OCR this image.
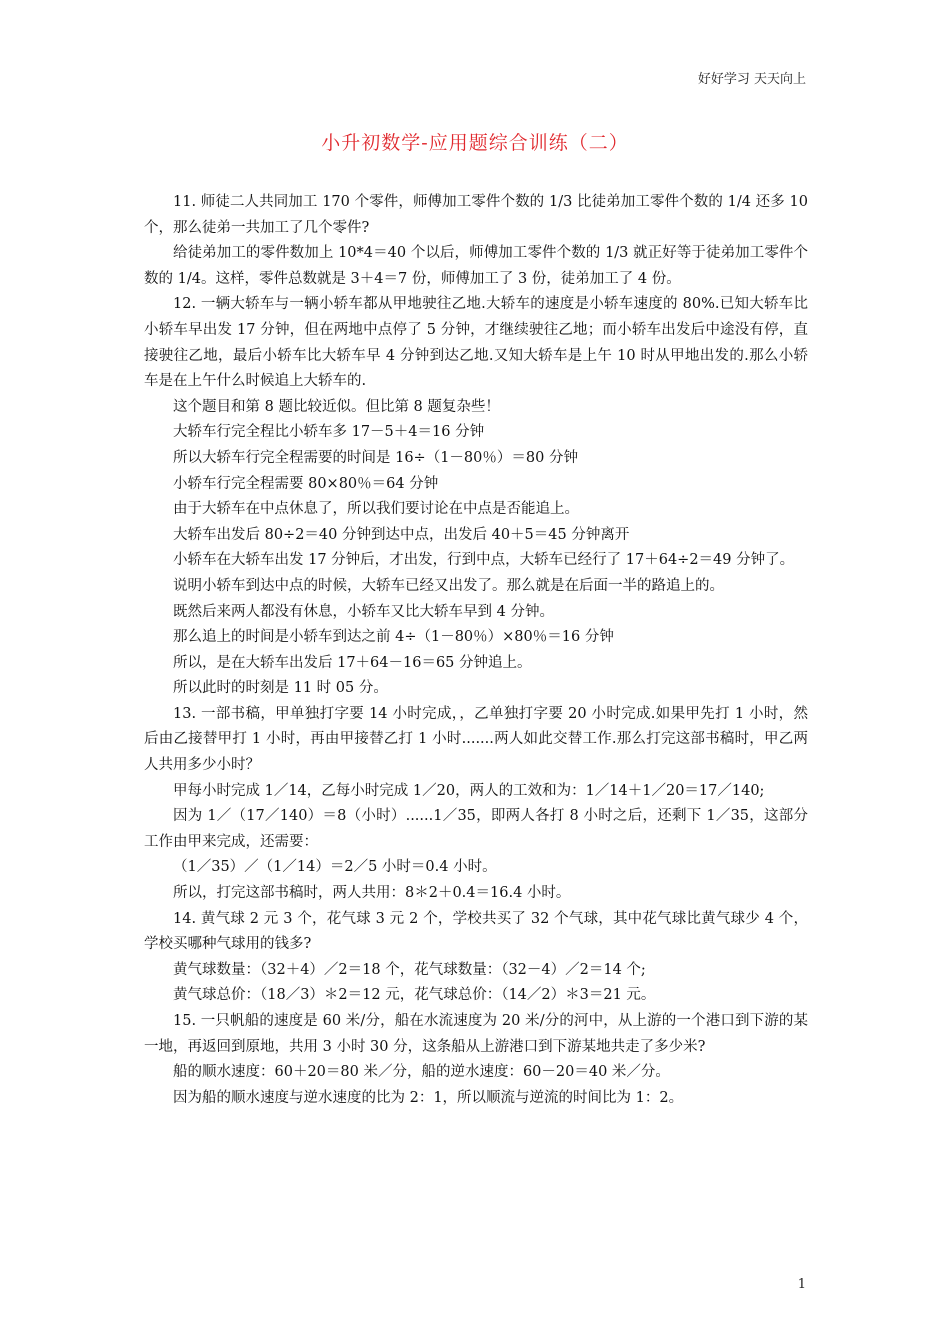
好好学习 天天向上
小升初数学-应用题综合训练（二）

11. 师徒二人共同加工 170 个零件，师傅加工零件个数的 1/3 比徒弟加工零件个数的 1/4 还多 10 个，那么徒弟一共加工了几个零件?

给徒弟加工的零件数加上 10*4＝40 个以后，师傅加工零件个数的 1/3 就正好等于徒弟加工零件个数的 1/4。这样，零件总数就是 3＋4＝7 份，师傅加工了 3 份，徒弟加工了 4 份。

12. 一辆大轿车与一辆小轿车都从甲地驶往乙地.大轿车的速度是小轿车速度的 80%.已知大轿车比小轿车早出发 17 分钟，但在两地中点停了 5 分钟，才继续驶往乙地；而小轿车出发后中途没有停，直接驶往乙地，最后小轿车比大轿车早 4 分钟到达乙地.又知大轿车是上午 10 时从甲地出发的.那么小轿车是在上午什么时候追上大轿车的.

这个题目和第 8 题比较近似。但比第 8 题复杂些！

大轿车行完全程比小轿车多 17－5＋4＝16 分钟

所以大轿车行完全程需要的时间是 16÷（1－80％）＝80 分钟

小轿车行完全程需要 80×80％＝64 分钟

由于大轿车在中点休息了，所以我们要讨论在中点是否能追上。

大轿车出发后 80÷2＝40 分钟到达中点，出发后 40＋5＝45 分钟离开

小轿车在大轿车出发 17 分钟后，才出发，行到中点，大轿车已经行了 17＋64÷2＝49 分钟了。

说明小轿车到达中点的时候，大轿车已经又出发了。那么就是在后面一半的路追上的。

既然后来两人都没有休息，小轿车又比大轿车早到 4 分钟。

那么追上的时间是小轿车到达之前 4÷（1－80％）×80％＝16 分钟

所以，是在大轿车出发后 17＋64－16＝65 分钟追上。

所以此时的时刻是 11 时 05 分。

13. 一部书稿，甲单独打字要 14 小时完成，，乙单独打字要 20 小时完成.如果甲先打 1 小时，然后由乙接替甲打 1 小时，再由甲接替乙打 1 小时.......两人如此交替工作.那么打完这部书稿时，甲乙两人共用多少小时？

甲每小时完成 1／14，乙每小时完成 1／20，两人的工效和为：1／14＋1／20＝17／140;

因为 1／（17／140）＝8（小时）......1／35，即两人各打 8 小时之后，还剩下 1／35，这部分工作由甲来完成，还需要：

（1／35）／（1／14）＝2／5 小时＝0.4 小时。

所以，打完这部书稿时，两人共用：8＊2＋0.4＝16.4 小时。

14. 黄气球 2 元 3 个，花气球 3 元 2 个，学校共买了 32 个气球，其中花气球比黄气球少 4 个，学校买哪种气球用的钱多?

黄气球数量：（32＋4）／2＝18 个，花气球数量：（32－4）／2＝14 个;

黄气球总价：（18／3）＊2＝12 元，花气球总价：（14／2）＊3＝21 元。

15. 一只帆船的速度是 60 米/分，船在水流速度为 20 米/分的河中，从上游的一个港口到下游的某一地，再返回到原地，共用 3 小时 30 分，这条船从上游港口到下游某地共走了多少米?

船的顺水速度：60＋20＝80 米／分，船的逆水速度：60－20＝40 米／分。

因为船的顺水速度与逆水速度的比为 2：1，所以顺流与逆流的时间比为 1：2。

1
